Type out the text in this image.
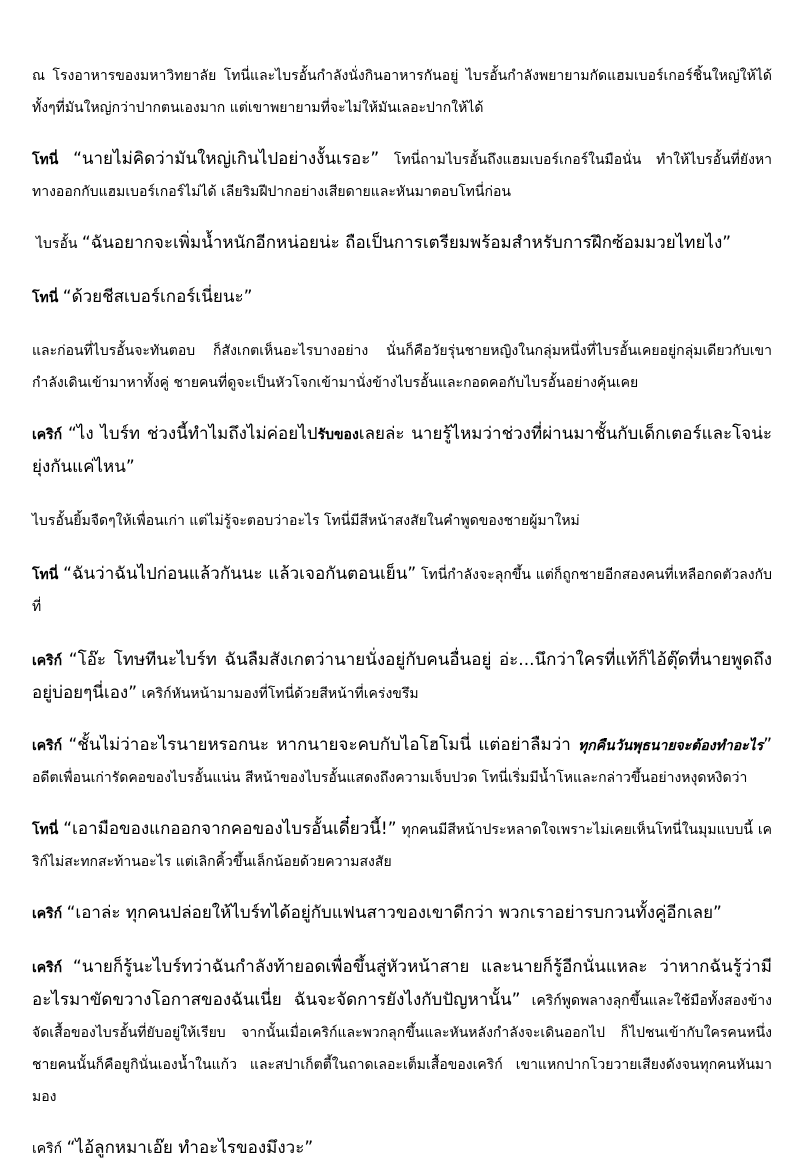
ณ โรงอาหารของมหาวิทยาลัย โทนี่และไบรอั้นกำลังนั่งกินอาหารกันอยู่ ไบรอั้นกำลังพยายามกัดแฮมเบอร์เกอร์ชิ้นใหญ่ให้ได้ ทั้งๆที่มันใหญ่กว่าปากตนเองมาก แต่เขาพยายามที่จะไม่ให้มันเลอะปากให้ได้

โทนี่ “นายไม่คิดว่ามันใหญ่เกินไปอย่างงั้นเรอะ” โทนี่ถามไบรอั้นถึงแฮมเบอร์เกอร์ในมือนั่น ทำให้ไบรอั้นที่ยังหาทางออกกับแฮมเบอร์เกอร์ไม่ได้ เลียริมฝีปากอย่างเสียดายและหันมาตอบโทนี่ก่อน

ไบรอั้น “ฉันอยากจะเพิ่มน้ำหนักอีกหน่อยน่ะ ถือเป็นการเตรียมพร้อมสำหรับการฝึกซ้อมมวยไทยไง”

โทนี่ “ด้วยชีสเบอร์เกอร์เนี่ยนะ”

และก่อนที่ไบรอั้นจะทันตอบ ก็สังเกตเห็นอะไรบางอย่าง นั่นก็คือวัยรุ่นชายหญิงในกลุ่มหนึ่งที่ไบรอั้นเคยอยู่กลุ่มเดียวกับเขา กำลังเดินเข้ามาหาทั้งคู่ ชายคนที่ดูจะเป็นหัวโจกเข้ามานั่งข้างไบรอั้นและกอดคอกับไบรอั้นอย่างคุ้นเคย

เคริก์ “ไง ไบร์ท ช่วงนี้ทำไมถึงไม่ค่อยไปรับของเลยล่ะ นายรู้ไหมว่าช่วงที่ผ่านมาชั้นกับเด็กเตอร์และโจน่ะยุ่งกันแค่ไหน”

ไบรอั้นยิ้มจืดๆให้เพื่อนเก่า แต่ไม่รู้จะตอบว่าอะไร โทนี่มีสีหน้าสงสัยในคำพูดของชายผู้มาใหม่

โทนี่ “ฉันว่าฉันไปก่อนแล้วกันนะ แล้วเจอกันตอนเย็น” โทนี่กำลังจะลุกขึ้น แต่ก็ถูกชายอีกสองคนที่เหลือกดตัวลงกับที่

เคริก์ “โอ๊ะ โทษทีนะไบร์ท ฉันลืมสังเกตว่านายนั่งอยู่กับคนอื่นอยู่ อ่ะ...นึกว่าใครที่แท้ก็ไอ้ตุ๊ดที่นายพูดถึงอยู่บ่อยๆนี่เอง” เคริก์หันหน้ามามองที่โทนี่ด้วยสีหน้าที่เคร่งขรึม

เคริก์ “ชั้นไม่ว่าอะไรนายหรอกนะ หากนายจะคบกับไอโฮโมนี่ แต่อย่าลืมว่า ทุกคืนวันพุธนายจะต้องทำอะไร” อดีตเพื่อนเก่ารัดคอของไบรอั้นแน่น สีหน้าของไบรอั้นแสดงถึงความเจ็บปวด โทนี่เริ่มมีน้ำโหและกล่าวขึ้นอย่างหงุดหงิดว่า

โทนี่ “เอามือของแกออกจากคอของไบรอั้นเดี๋ยวนี้!” ทุกคนมีสีหน้าประหลาดใจเพราะไม่เคยเห็นโทนี่ในมุมแบบนี้ เคริก์ไม่สะทกสะท้านอะไร แต่เลิกคิ้วขึ้นเล็กน้อยด้วยความสงสัย

เคริก์ “เอาล่ะ ทุกคนปล่อยให้ไบร์ทได้อยู่กับแฟนสาวของเขาดีกว่า พวกเราอย่ารบกวนทั้งคู่อีกเลย”

เคริก์ “นายก็รู้นะไบร์ทว่าฉันกำลังท้ายอดเพื่อขึ้นสู่หัวหน้าสาย และนายก็รู้อีกนั่นแหละ ว่าหากฉันรู้ว่ามีอะไรมาขัดขวางโอกาสของฉันเนี่ย ฉันจะจัดการยังไงกับปัญหานั้น” เคริก์พูดพลางลุกขึ้นและใช้มือทั้งสองข้างจัดเสื้อของไบรอั้นที่ยับอยู่ให้เรียบ จากนั้นเมื่อเคริก์และพวกลุกขึ้นและหันหลังกำลังจะเดินออกไป ก็ไปชนเข้ากับใครคนหนึ่ง ชายคนนั้นก็คือยูกินั่นเองน้ำในแก้ว และสปาเก็ตตี้ในถาดเลอะเต็มเสื้อของเคริก์ เขาแหกปากโวยวายเสียงดังจนทุกคนหันมามอง

เคริก์ “ไอ้ลูกหมาเอ๊ย ทำอะไรของมึงวะ”
